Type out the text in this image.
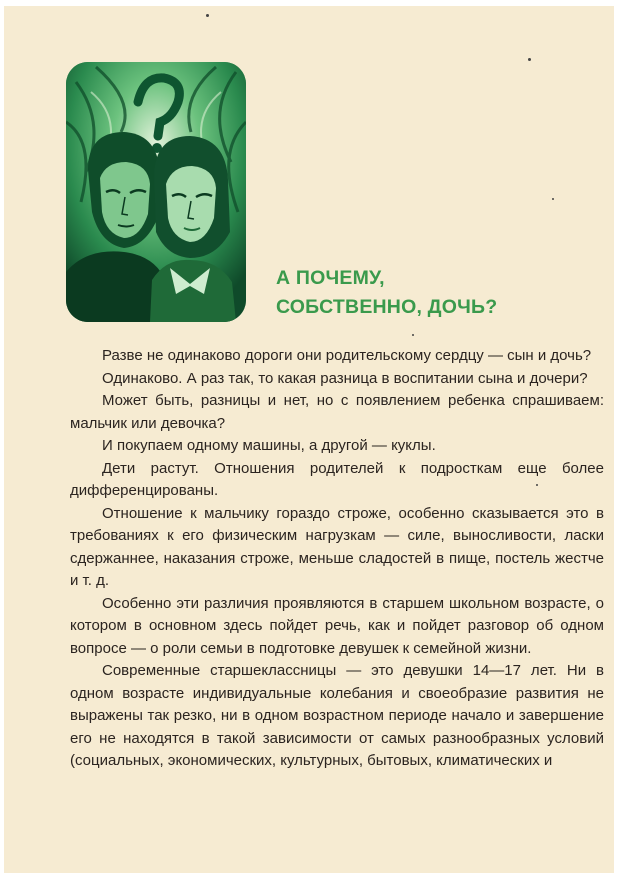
А ПОЧЕМУ,
СОБСТВЕННО, ДОЧЬ?

Разве не одинаково дороги они родительскому сердцу — сын и дочь?

Одинаково. А раз так, то какая разница в воспитании сына и дочери?

Может быть, разницы и нет, но с появлением ребенка спрашиваем: мальчик или девочка?

И покупаем одному машины, а другой — куклы.

Дети растут. Отношения родителей к подросткам еще более дифференцированы.

Отношение к мальчику гораздо строже, особенно сказывается это в требованиях к его физическим нагрузкам — силе, выносливости, ласки сдержаннее, наказания строже, меньше сладостей в пище, постель жестче и т. д.

Особенно эти различия проявляются в старшем школьном возрасте, о котором в основном здесь пойдет речь, как и пойдет разговор об одном вопросе — о роли семьи в подготовке девушек к семейной жизни.

Современные старшеклассницы — это девушки 14—17 лет. Ни в одном возрасте индивидуальные колебания и своеобразие развития не выражены так резко, ни в одном возрастном периоде начало и завершение его не находятся в такой зависимости от самых разнообразных условий (социальных, экономических, культурных, бытовых, климатических и
